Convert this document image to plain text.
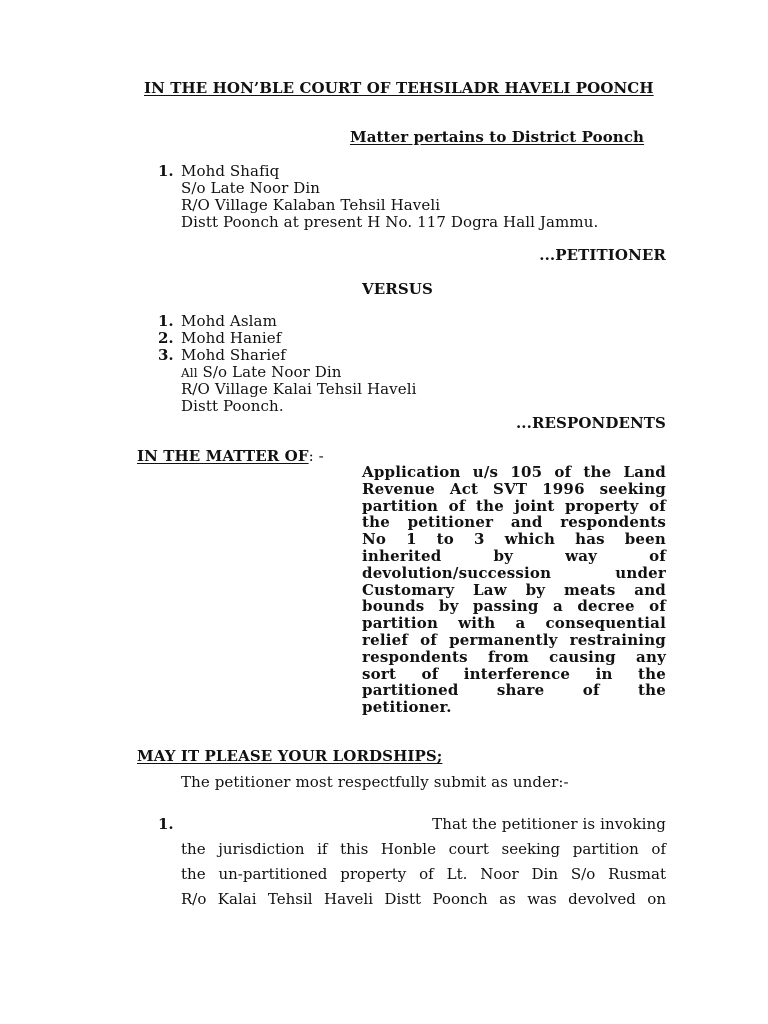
IN THE HON’BLE COURT OF TEHSILADR HAVELI POONCH
Matter pertains to District Poonch
1. Mohd Shafiq
S/o Late Noor Din
R/O Village Kalaban Tehsil Haveli
Distt Poonch at present H No. 117 Dogra Hall Jammu.
...PETITIONER
VERSUS
1. Mohd Aslam
2. Mohd Hanief
3. Mohd Sharief
All S/o Late Noor Din
R/O Village Kalai Tehsil Haveli
Distt Poonch.
...RESPONDENTS
IN THE MATTER OF: -
Application u/s 105 of the Land
Revenue Act SVT 1996 seeking
partition of the joint property of
the petitioner and respondents
No 1 to 3 which has been
inherited by way of
devolution/succession under
Customary Law by meats and
bounds by passing a decree of
partition with a consequential
relief of permanently restraining
respondents from causing any
sort of interference in the
partitioned share of the
petitioner.
MAY IT PLEASE YOUR LORDSHIPS;
The petitioner most respectfully submit as under:-
1.	That the petitioner is invoking
the jurisdiction if this Honble court seeking partition of
the un-partitioned property of Lt. Noor Din S/o Rusmat
R/o Kalai Tehsil Haveli Distt Poonch as was devolved on
